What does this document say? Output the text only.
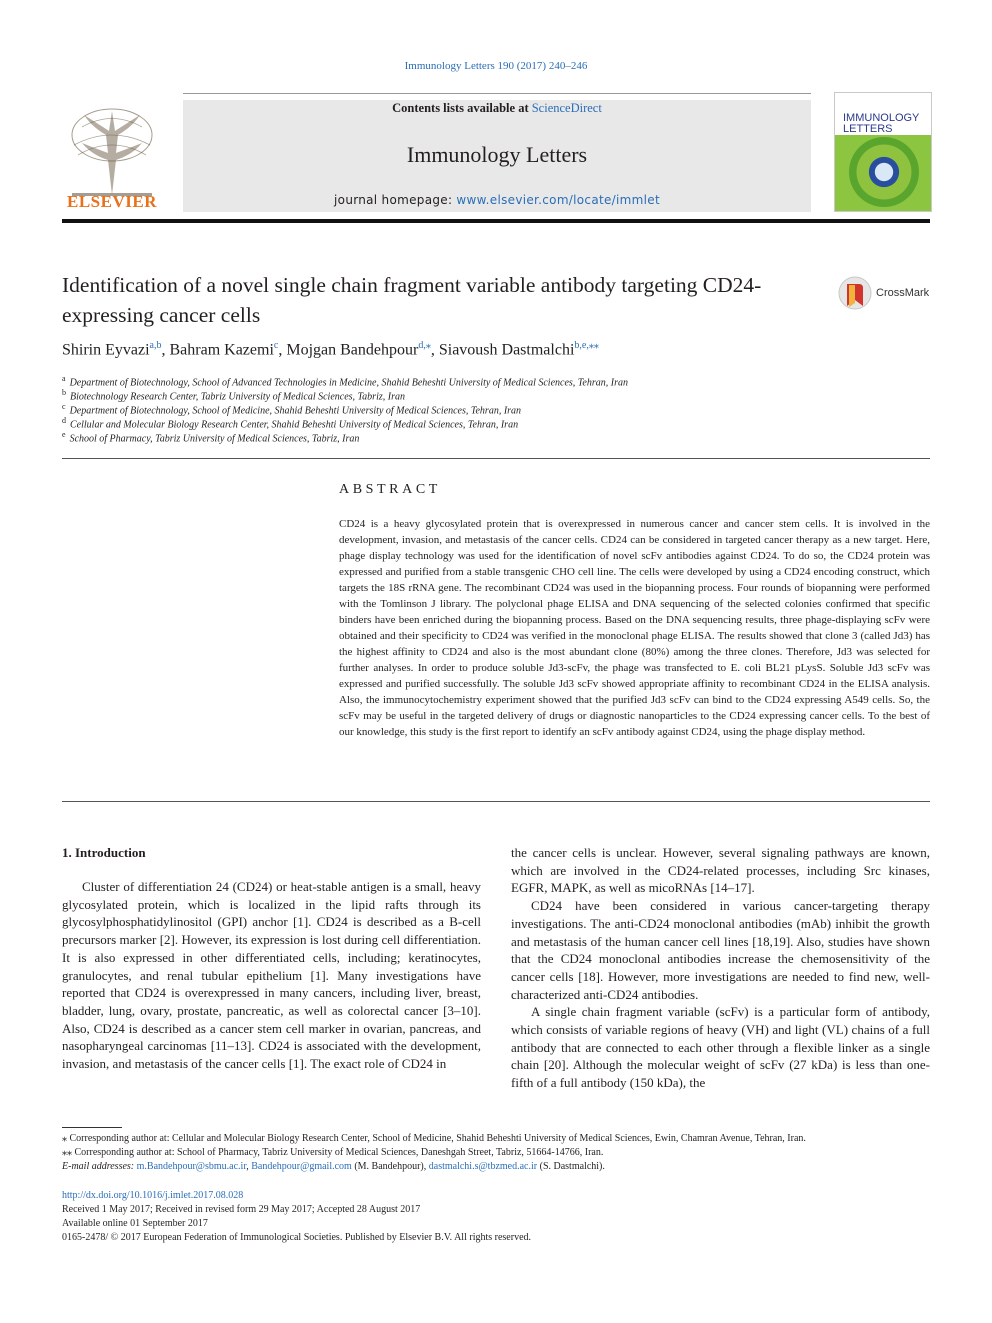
Immunology Letters 190 (2017) 240–246
ELSEVIER
Contents lists available at ScienceDirect
Immunology Letters
journal homepage: www.elsevier.com/locate/immlet
IMMUNOLOGY
LETTERS
Identification of a novel single chain fragment variable antibody targeting CD24-expressing cancer cells
CrossMark
Shirin Eyvazi$^{a,b}$, Bahram Kazemi$^c$, Mojgan Bandehpour$^{d,⁎}$, Siavoush Dastmalchi$^{b,e,⁎⁎}$
$^a$ Department of Biotechnology, School of Advanced Technologies in Medicine, Shahid Beheshti University of Medical Sciences, Tehran, Iran
$^b$ Biotechnology Research Center, Tabriz University of Medical Sciences, Tabriz, Iran
$^c$ Department of Biotechnology, School of Medicine, Shahid Beheshti University of Medical Sciences, Tehran, Iran
$^d$ Cellular and Molecular Biology Research Center, Shahid Beheshti University of Medical Sciences, Tehran, Iran
$^e$ School of Pharmacy, Tabriz University of Medical Sciences, Tabriz, Iran
ABSTRACT
CD24 is a heavy glycosylated protein that is overexpressed in numerous cancer and cancer stem cells. It is involved in the development, invasion, and metastasis of the cancer cells. CD24 can be considered in targeted cancer therapy as a new target. Here, phage display technology was used for the identification of novel scFv antibodies against CD24. To do so, the CD24 protein was expressed and purified from a stable transgenic CHO cell line. The cells were developed by using a CD24 encoding construct, which targets the 18S rRNA gene. The recombinant CD24 was used in the biopanning process. Four rounds of biopanning were performed with the Tomlinson J library. The polyclonal phage ELISA and DNA sequencing of the selected colonies confirmed that specific binders have been enriched during the biopanning process. Based on the DNA sequencing results, three phage-displaying scFv were obtained and their specificity to CD24 was verified in the monoclonal phage ELISA. The results showed that clone 3 (called Jd3) has the highest affinity to CD24 and also is the most abundant clone (80%) among the three clones. Therefore, Jd3 was selected for further analyses. In order to produce soluble Jd3-scFv, the phage was transfected to E. coli BL21 pLysS. Soluble Jd3 scFv was expressed and purified successfully. The soluble Jd3 scFv showed appropriate affinity to recombinant CD24 in the ELISA analysis. Also, the immunocytochemistry experiment showed that the purified Jd3 scFv can bind to the CD24 expressing A549 cells. So, the scFv may be useful in the targeted delivery of drugs or diagnostic nanoparticles to the CD24 expressing cancer cells. To the best of our knowledge, this study is the first report to identify an scFv antibody against CD24, using the phage display method.
1. Introduction

Cluster of differentiation 24 (CD24) or heat-stable antigen is a small, heavy glycosylated protein, which is localized in the lipid rafts through its glycosylphosphatidylinositol (GPI) anchor [1]. CD24 is described as a B-cell precursors marker [2]. However, its expression is lost during cell differentiation. It is also expressed in other differentiated cells, including; keratinocytes, granulocytes, and renal tubular epithelium [1]. Many investigations have reported that CD24 is overexpressed in many cancers, including liver, breast, bladder, lung, ovary, prostate, pancreatic, as well as colorectal cancer [3–10]. Also, CD24 is described as a cancer stem cell marker in ovarian, pancreas, and nasopharyngeal carcinomas [11–13]. CD24 is associated with the development, invasion, and metastasis of the cancer cells [1]. The exact role of CD24 in

the cancer cells is unclear. However, several signaling pathways are known, which are involved in the CD24-related processes, including Src kinases, EGFR, MAPK, as well as micoRNAs [14–17].

CD24 have been considered in various cancer-targeting therapy investigations. The anti-CD24 monoclonal antibodies (mAb) inhibit the growth and metastasis of the human cancer cell lines [18,19]. Also, studies have shown that the CD24 monoclonal antibodies increase the chemosensitivity of the cancer cells [18]. However, more investigations are needed to find new, well-characterized anti-CD24 antibodies.

A single chain fragment variable (scFv) is a particular form of antibody, which consists of variable regions of heavy (VH) and light (VL) chains of a full antibody that are connected to each other through a flexible linker as a single chain [20]. Although the molecular weight of scFv (27 kDa) is less than one-fifth of a full antibody (150 kDa), the

⁎ Corresponding author at: Cellular and Molecular Biology Research Center, School of Medicine, Shahid Beheshti University of Medical Sciences, Ewin, Chamran Avenue, Tehran, Iran.
⁎⁎ Corresponding author at: School of Pharmacy, Tabriz University of Medical Sciences, Daneshgah Street, Tabriz, 51664-14766, Iran.
E-mail addresses: m.Bandehpour@sbmu.ac.ir, Bandehpour@gmail.com (M. Bandehpour), dastmalchi.s@tbzmed.ac.ir (S. Dastmalchi).
http://dx.doi.org/10.1016/j.imlet.2017.08.028
Received 1 May 2017; Received in revised form 29 May 2017; Accepted 28 August 2017
Available online 01 September 2017
0165-2478/ © 2017 European Federation of Immunological Societies. Published by Elsevier B.V. All rights reserved.
